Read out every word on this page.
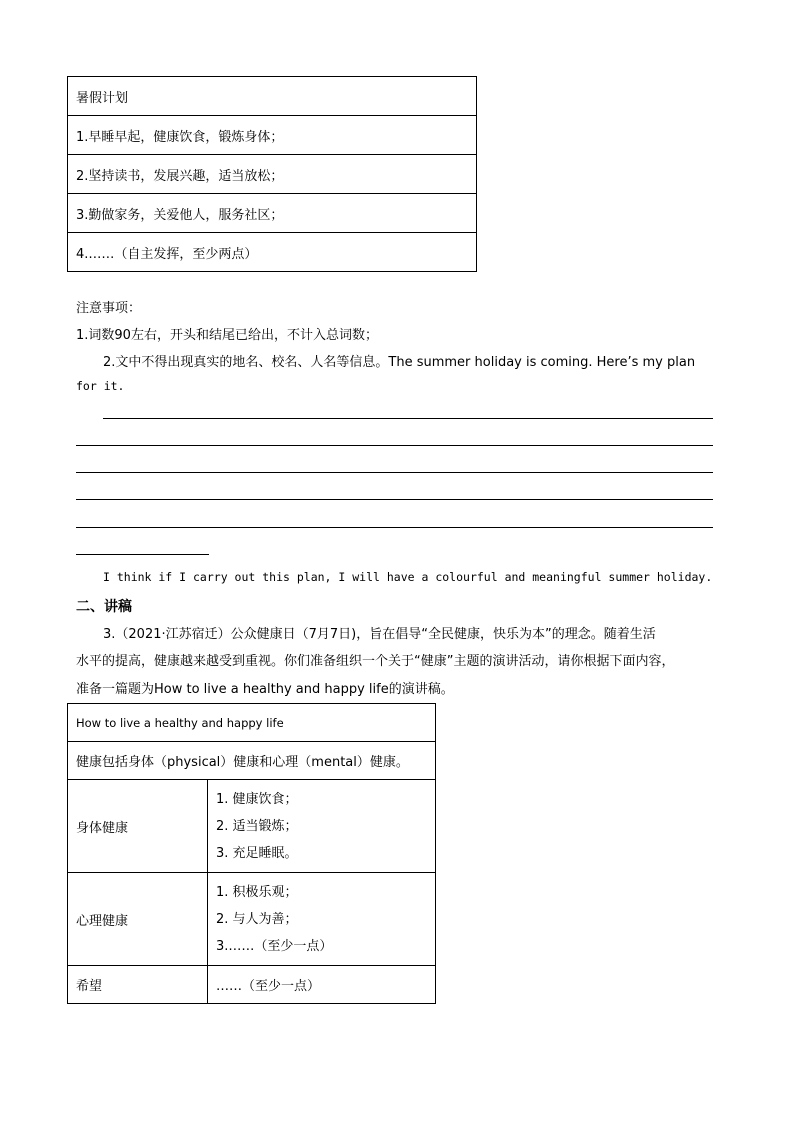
暑假计划
1.早睡早起，健康饮食，锻炼身体；
2.坚持读书，发展兴趣，适当放松；
3.勤做家务，关爱他人，服务社区；
4.……（自主发挥，至少两点）
注意事项：
1.词数90左右，开头和结尾已给出，不计入总词数；
2.文中不得出现真实的地名、校名、人名等信息。The summer holiday is coming. Here’s my plan
for it.
I think if I carry out this plan, I will have a colourful and meaningful summer holiday.
二、讲稿
3.（2021·江苏宿迁）公众健康日（7月7日)，旨在倡导“全民健康，快乐为本”的理念。随着生活
水平的提高，健康越来越受到重视。你们准备组织一个关于“健康”主题的演讲活动，请你根据下面内容，
准备一篇题为How to live a healthy and happy life的演讲稿。
How to live a healthy and happy life	
健康包括身体（physical）健康和心理（mental）健康。	
身体健康	1. 健康饮食；
2. 适当锻炼；
3. 充足睡眠。

心理健康	1. 积极乐观；
2. 与人为善；
3.……（至少一点）

希望	……（至少一点）
